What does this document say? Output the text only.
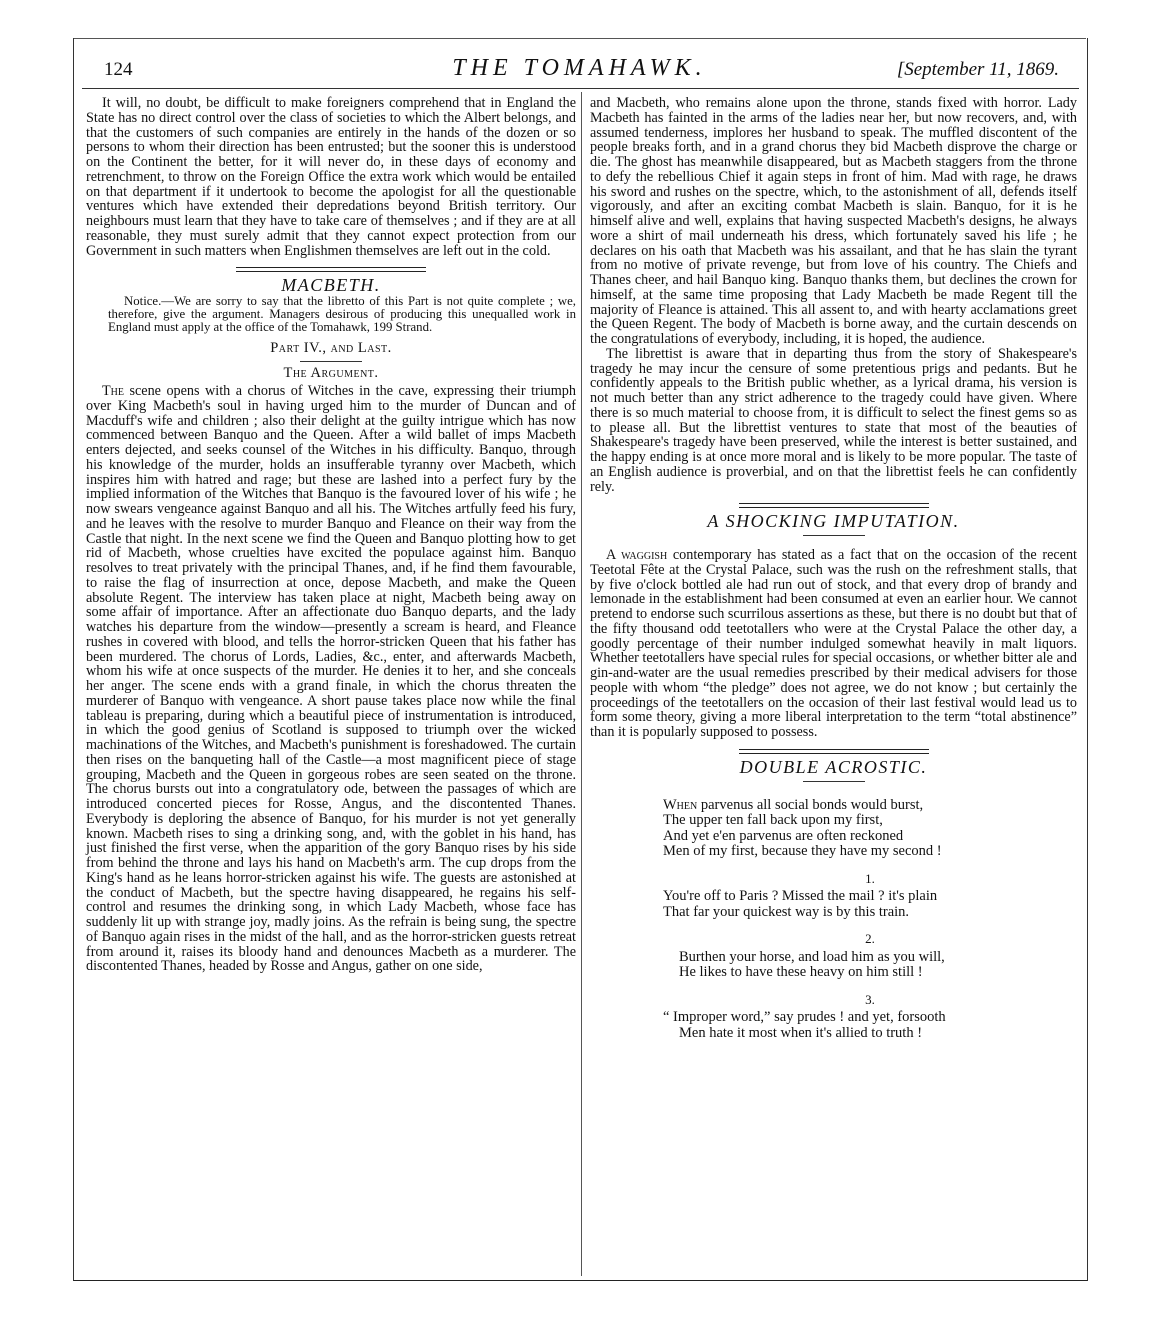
124	THE TOMAHAWK.	[September 11, 1869.

It will, no doubt, be difficult to make foreigners comprehend that in England the State has no direct control over the class of societies to which the Albert belongs, and that the customers of such companies are entirely in the hands of the dozen or so persons to whom their direction has been entrusted; but the sooner this is understood on the Continent the better, for it will never do, in these days of economy and retrenchment, to throw on the Foreign Office the extra work which would be entailed on that department if it undertook to become the apologist for all the questionable ventures which have extended their depredations beyond British territory. Our neighbours must learn that they have to take care of themselves ; and if they are at all reasonable, they must surely admit that they cannot expect protection from our Government in such matters when Englishmen themselves are left out in the cold.

MACBETH.

Notice.—We are sorry to say that the libretto of this Part is not quite complete ; we, therefore, give the argument. Managers desirous of producing this unequalled work in England must apply at the office of the Tomahawk, 199 Strand.

Part IV., and Last.
The Argument.

The scene opens with a chorus of Witches in the cave, expressing their triumph over King Macbeth's soul in having urged him to the murder of Duncan and of Macduff's wife and children ; also their delight at the guilty intrigue which has now commenced between Banquo and the Queen. After a wild ballet of imps Macbeth enters dejected, and seeks counsel of the Witches in his difficulty. Banquo, through his knowledge of the murder, holds an insufferable tyranny over Macbeth, which inspires him with hatred and rage; but these are lashed into a perfect fury by the implied information of the Witches that Banquo is the favoured lover of his wife ; he now swears vengeance against Banquo and all his. The Witches artfully feed his fury, and he leaves with the resolve to murder Banquo and Fleance on their way from the Castle that night. In the next scene we find the Queen and Banquo plotting how to get rid of Macbeth, whose cruelties have excited the populace against him. Banquo resolves to treat privately with the principal Thanes, and, if he find them favourable, to raise the flag of insurrection at once, depose Macbeth, and make the Queen absolute Regent. The interview has taken place at night, Macbeth being away on some affair of importance. After an affectionate duo Banquo departs, and the lady watches his departure from the window—presently a scream is heard, and Fleance rushes in covered with blood, and tells the horror-stricken Queen that his father has been murdered. The chorus of Lords, Ladies, &c., enter, and afterwards Macbeth, whom his wife at once suspects of the murder. He denies it to her, and she conceals her anger. The scene ends with a grand finale, in which the chorus threaten the murderer of Banquo with vengeance. A short pause takes place now while the final tableau is preparing, during which a beautiful piece of instrumentation is introduced, in which the good genius of Scotland is supposed to triumph over the wicked machinations of the Witches, and Macbeth's punishment is foreshadowed. The curtain then rises on the banqueting hall of the Castle—a most magnificent piece of stage grouping, Macbeth and the Queen in gorgeous robes are seen seated on the throne. The chorus bursts out into a congratulatory ode, between the passages of which are introduced concerted pieces for Rosse, Angus, and the discontented Thanes. Everybody is deploring the absence of Banquo, for his murder is not yet generally known. Macbeth rises to sing a drinking song, and, with the goblet in his hand, has just finished the first verse, when the apparition of the gory Banquo rises by his side from behind the throne and lays his hand on Macbeth's arm. The cup drops from the King's hand as he leans horror-stricken against his wife. The guests are astonished at the conduct of Macbeth, but the spectre having disappeared, he regains his self-control and resumes the drinking song, in which Lady Macbeth, whose face has suddenly lit up with strange joy, madly joins. As the refrain is being sung, the spectre of Banquo again rises in the midst of the hall, and as the horror-stricken guests retreat from around it, raises its bloody hand and denounces Macbeth as a murderer. The discontented Thanes, headed by Rosse and Angus, gather on one side,

and Macbeth, who remains alone upon the throne, stands fixed with horror. Lady Macbeth has fainted in the arms of the ladies near her, but now recovers, and, with assumed tenderness, implores her husband to speak. The muffled discontent of the people breaks forth, and in a grand chorus they bid Macbeth disprove the charge or die. The ghost has meanwhile disappeared, but as Macbeth staggers from the throne to defy the rebellious Chief it again steps in front of him. Mad with rage, he draws his sword and rushes on the spectre, which, to the astonishment of all, defends itself vigorously, and after an exciting combat Macbeth is slain. Banquo, for it is he himself alive and well, explains that having suspected Macbeth's designs, he always wore a shirt of mail underneath his dress, which fortunately saved his life ; he declares on his oath that Macbeth was his assailant, and that he has slain the tyrant from no motive of private revenge, but from love of his country. The Chiefs and Thanes cheer, and hail Banquo king. Banquo thanks them, but declines the crown for himself, at the same time proposing that Lady Macbeth be made Regent till the majority of Fleance is attained. This all assent to, and with hearty acclamations greet the Queen Regent. The body of Macbeth is borne away, and the curtain descends on the congratulations of everybody, including, it is hoped, the audience.

The librettist is aware that in departing thus from the story of Shakespeare's tragedy he may incur the censure of some pretentious prigs and pedants. But he confidently appeals to the British public whether, as a lyrical drama, his version is not much better than any strict adherence to the tragedy could have given. Where there is so much material to choose from, it is difficult to select the finest gems so as to please all. But the librettist ventures to state that most of the beauties of Shakespeare's tragedy have been preserved, while the interest is better sustained, and the happy ending is at once more moral and is likely to be more popular. The taste of an English audience is proverbial, and on that the librettist feels he can confidently rely.

A SHOCKING IMPUTATION.

A waggish contemporary has stated as a fact that on the occasion of the recent Teetotal Fête at the Crystal Palace, such was the rush on the refreshment stalls, that by five o'clock bottled ale had run out of stock, and that every drop of brandy and lemonade in the establishment had been consumed at even an earlier hour. We cannot pretend to endorse such scurrilous assertions as these, but there is no doubt but that of the fifty thousand odd teetotallers who were at the Crystal Palace the other day, a goodly percentage of their number indulged somewhat heavily in malt liquors. Whether teetotallers have special rules for special occasions, or whether bitter ale and gin-and-water are the usual remedies prescribed by their medical advisers for those people with whom “the pledge” does not agree, we do not know ; but certainly the proceedings of the teetotallers on the occasion of their last festival would lead us to form some theory, giving a more liberal interpretation to the term “total abstinence” than it is popularly supposed to possess.

DOUBLE ACROSTIC.
When parvenus all social bonds would burst,
The upper ten fall back upon my first,
And yet e'en parvenus are often reckoned
Men of my first, because they have my second !
1.
You're off to Paris ? Missed the mail ? it's plain
That far your quickest way is by this train.
2.
Burthen your horse, and load him as you will,
He likes to have these heavy on him still !
3.
“ Improper word,” say prudes ! and yet, forsooth
Men hate it most when it's allied to truth !
